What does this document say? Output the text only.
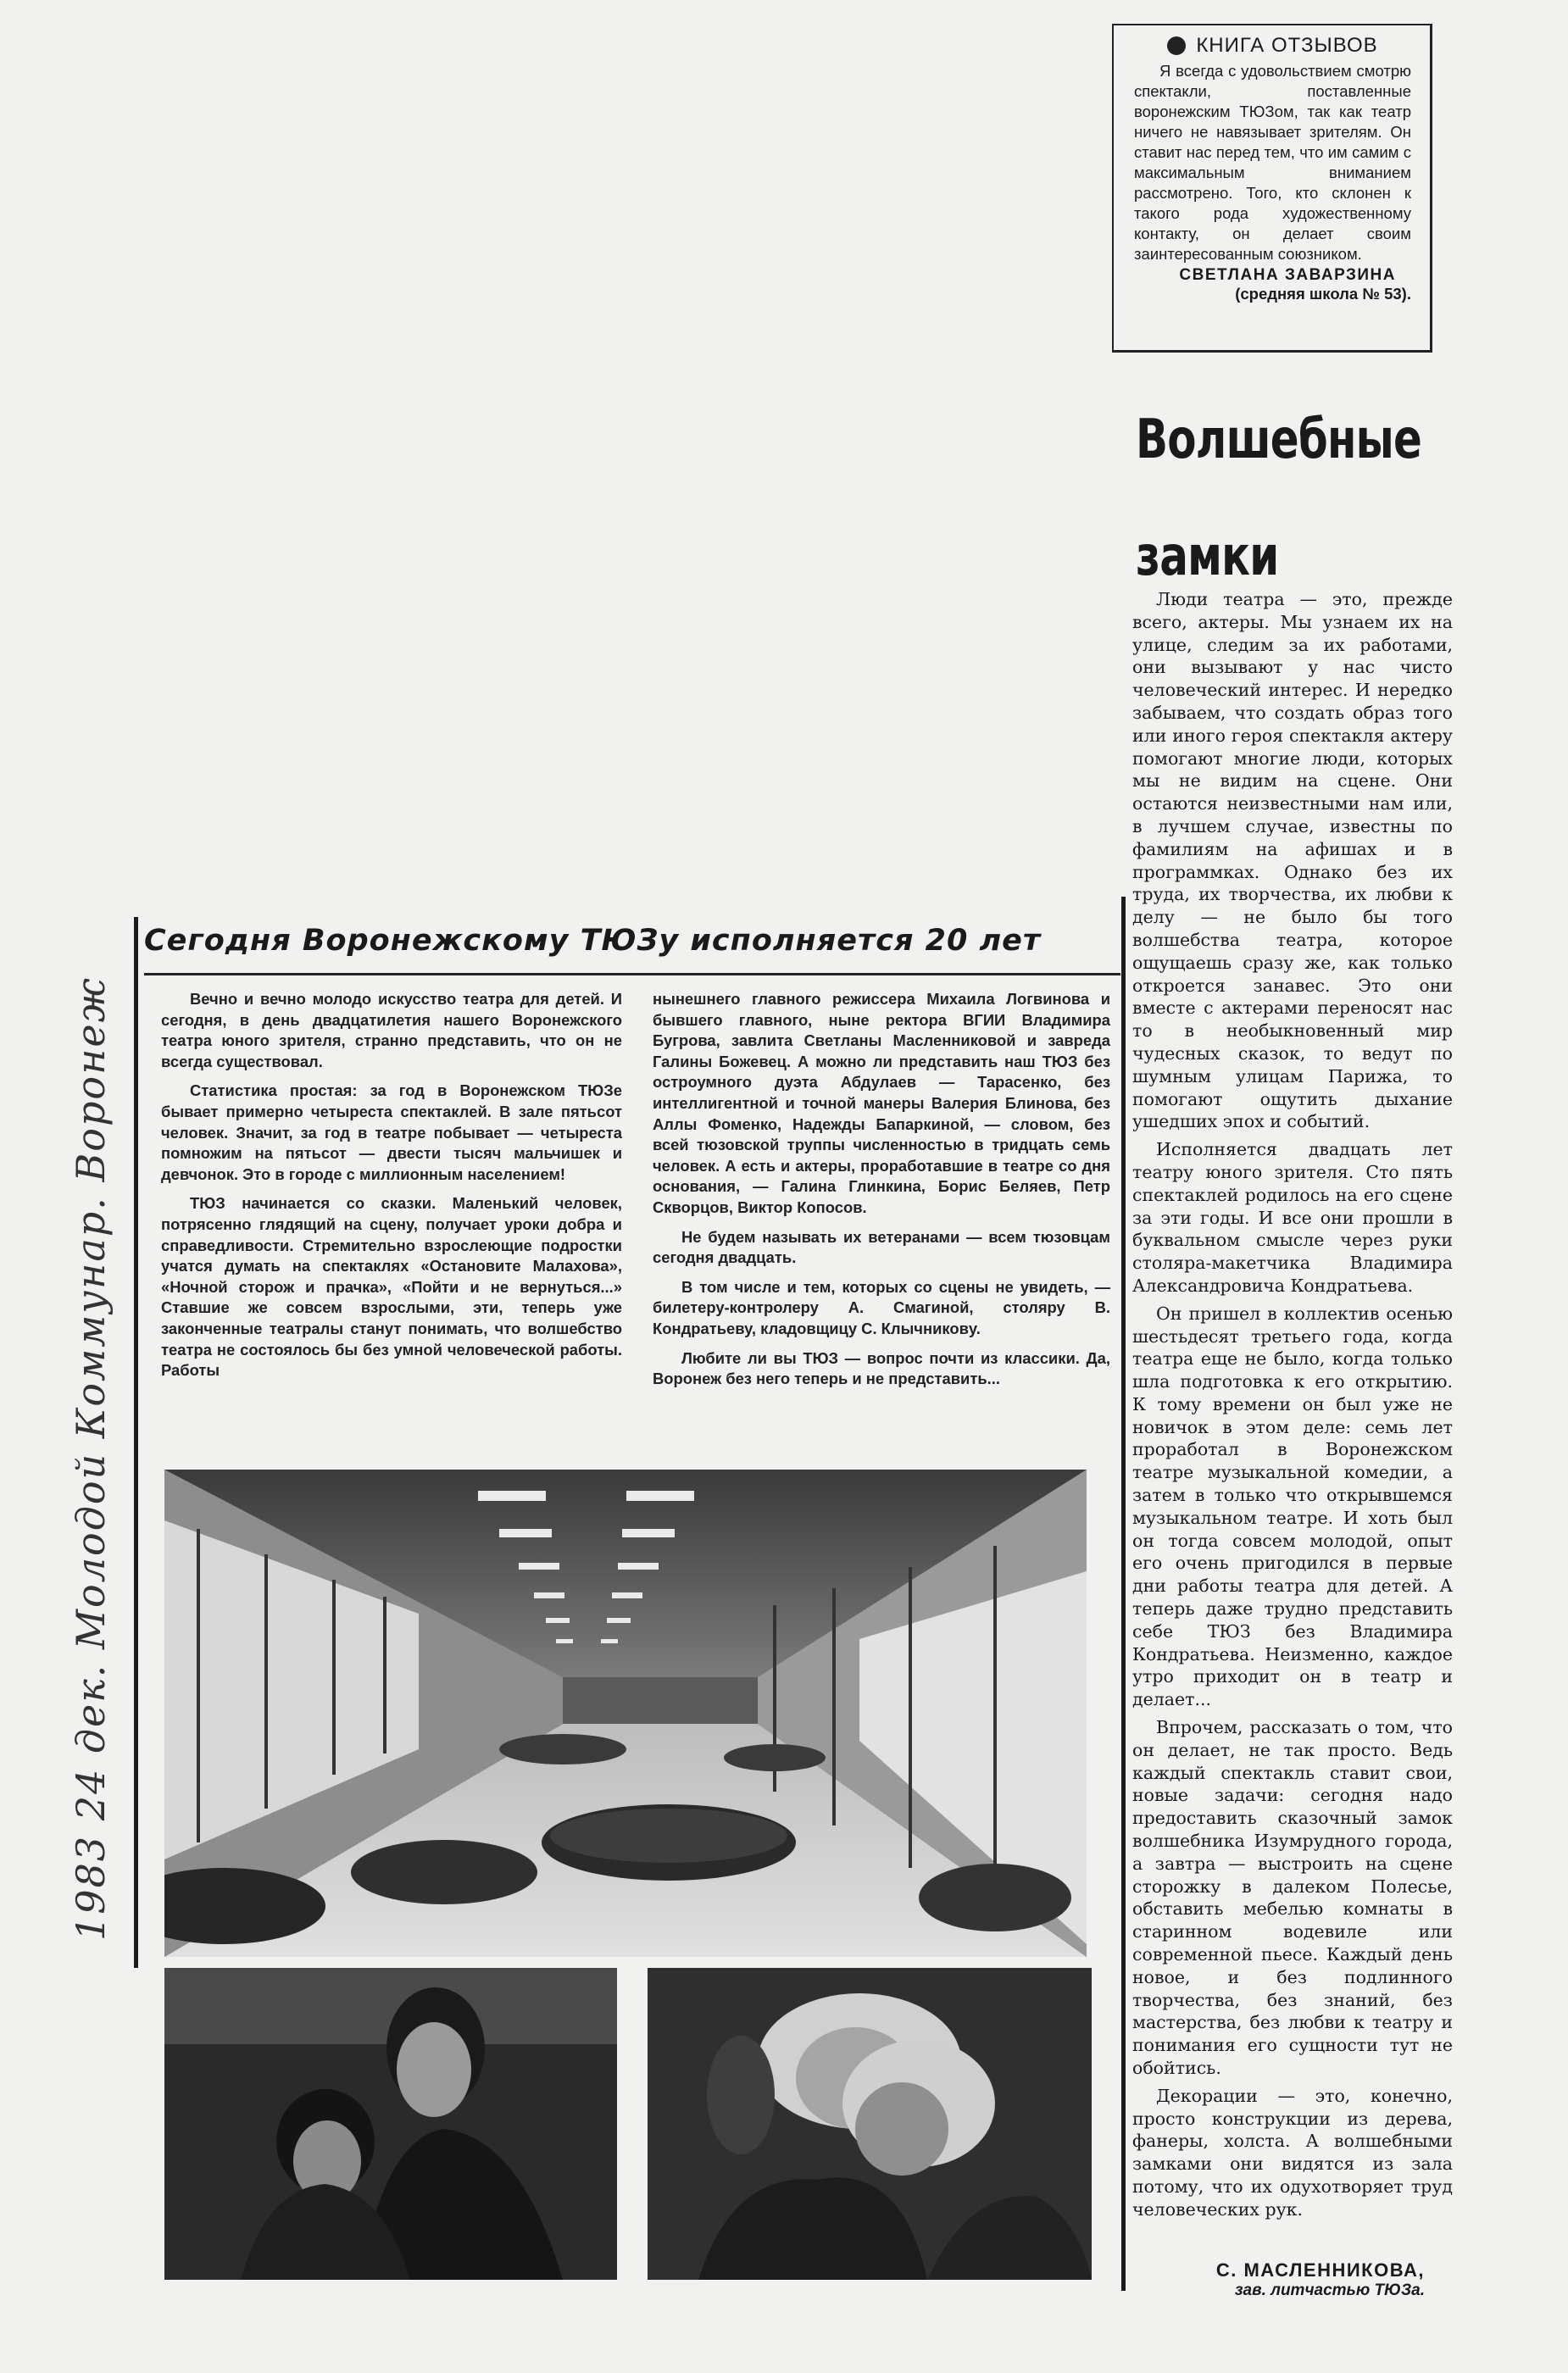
КНИГА ОТЗЫВОВ

Я всегда с удовольствием смотрю спектакли, поставленные воронежским ТЮЗом, так как театр ничего не навязывает зрителям. Он ставит нас перед тем, что им самим с максимальным вниманием рассмотрено. Того, кто склонен к такого рода художественному контакту, он делает своим заинтересованным союзником.

СВЕТЛАНА ЗАВАРЗИНА
(средняя школа № 53).
Волшебные
замки

Люди театра — это, прежде всего, актеры. Мы узнаем их на улице, следим за их работами, они вызывают у нас чисто человеческий интерес. И нередко забываем, что создать образ того или иного героя спектакля актеру помогают многие люди, которых мы не видим на сцене. Они остаются неизвестными нам или, в лучшем случае, известны по фамилиям на афишах и в программках. Однако без их труда, их творчества, их любви к делу — не было бы того волшебства театра, которое ощущаешь сразу же, как только откроется занавес. Это они вместе с актерами переносят нас то в необыкновенный мир чудесных сказок, то ведут по шумным улицам Парижа, то помогают ощутить дыхание ушедших эпох и событий.

Исполняется двадцать лет театру юного зрителя. Сто пять спектаклей родилось на его сцене за эти годы. И все они прошли в буквальном смысле через руки столяра-макетчика Владимира Александровича Кондратьева.

Он пришел в коллектив осенью шестьдесят третьего года, когда театра еще не было, когда только шла подготовка к его открытию. К тому времени он был уже не новичок в этом деле: семь лет проработал в Воронежском театре музыкальной комедии, а затем в только что открывшемся музыкальном театре. И хоть был он тогда совсем молодой, опыт его очень пригодился в первые дни работы театра для детей. А теперь даже трудно представить себе ТЮЗ без Владимира Кондратьева. Неизменно, каждое утро приходит он в театр и делает...

Впрочем, рассказать о том, что он делает, не так просто. Ведь каждый спектакль ставит свои, новые задачи: сегодня надо предоставить сказочный замок волшебника Изумрудного города, а завтра — выстроить на сцене сторожку в далеком Полесье, обставить мебелью комнаты в старинном водевиле или современной пьесе. Каждый день новое, и без подлинного творчества, без знаний, без мастерства, без любви к театру и понимания его сущности тут не обойтись.

Декорации — это, конечно, просто конструкции из дерева, фанеры, холста. А волшебными замками они видятся из зала потому, что их одухотворяет труд человеческих рук.

С. МАСЛЕННИКОВА,
зав. литчастью ТЮЗа.
Сегодня Воронежскому ТЮЗу исполняется 20 лет

Вечно и вечно молодо искусство театра для детей. И сегодня, в день двадцатилетия нашего Воронежского театра юного зрителя, странно представить, что он не всегда существовал.

Статистика простая: за год в Воронежском ТЮЗе бывает примерно четыреста спектаклей. В зале пятьсот человек. Значит, за год в театре побывает — четыреста помножим на пятьсот — двести тысяч мальчишек и девчонок. Это в городе с миллионным населением!

ТЮЗ начинается со сказки. Маленький человек, потрясенно глядящий на сцену, получает уроки добра и справедливости. Стремительно взрослеющие подростки учатся думать на спектаклях «Остановите Малахова», «Ночной сторож и прачка», «Пойти и не вернуться...» Ставшие же совсем взрослыми, эти, теперь уже законченные театралы станут понимать, что волшебство театра не состоялось бы без умной человеческой работы. Работы

нынешнего главного режиссера Михаила Логвинова и бывшего главного, ныне ректора ВГИИ Владимира Бугрова, завлита Светланы Масленниковой и завреда Галины Божевец. А можно ли представить наш ТЮЗ без остроумного дуэта Абдулаев — Тарасенко, без интеллигентной и точной манеры Валерия Блинова, без Аллы Фоменко, Надежды Бапаркиной, — словом, без всей тюзовской труппы численностью в тридцать семь человек. А есть и актеры, проработавшие в театре со дня основания, — Галина Глинкина, Борис Беляев, Петр Скворцов, Виктор Копосов.

Не будем называть их ветеранами — всем тюзовцам сегодня двадцать.

В том числе и тем, которых со сцены не увидеть, — билетеру-контролеру А. Смагиной, столяру В. Кондратьеву, кладовщицу С. Клычниковy.

Любите ли вы ТЮЗ — вопрос почти из классики. Да, Воронеж без него теперь и не представить...

1983 24 дек. Молодой Коммунар. Воронеж
